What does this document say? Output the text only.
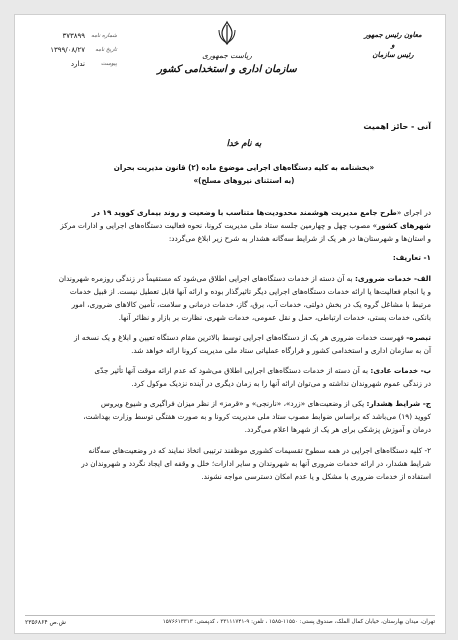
معاون رئیس جمهور
و
رئیس سازمان
ریاست جمهوری
سازمان اداری و استخدامی کشور
شماره نامه
۳۷۳۸۹۹
تاریخ نامه
۱۳۹۹/۰۸/۲۷
پیوست
ندارد
آنی - حائز اهمیت
به نام خدا
«بخشنامه به کلیه دستگاه‌های اجرایی موضوع ماده (۲) قانون مدیریت بحران
(به استثنای نیروهای مسلح)»
در اجرای «طرح جامع مدیریت هوشمند محدودیت‌ها متناسب با وضعیت و روند بیماری کووید ۱۹ در
شهرهای کشور» مصوب چهل و چهارمین جلسه ستاد ملی مدیریت کرونا، نحوه فعالیت دستگاه‌های اجرایی و ادارات مرکز
و استان‌ها و شهرستان‌ها در هر یک از شرایط سه‌گانه هشدار به شرح زیر ابلاغ می‌گردد:
۱- تعاریف:
الف- خدمات ضروری: به آن دسته از خدمات دستگاه‌های اجرایی اطلاق می‌شود که مستقیماً در زندگی روزمره شهروندان
و یا انجام فعالیت‌ها یا ارائه خدمات دستگاه‌های اجرایی دیگر تاثیرگذار بوده و ارائه آنها قابل تعطیل نیست. از قبیل خدمات
مرتبط با مشاغل گروه یک در بخش دولتی، خدمات آب، برق، گاز، خدمات درمانی و سلامت، تأمین کالاهای ضروری، امور
بانکی، خدمات پستی، خدمات ارتباطی، حمل و نقل عمومی، خدمات شهری، نظارت بر بازار و نظائر آنها.
تبصره- فهرست خدمات ضروری هر یک از دستگاه‌های اجرایی توسط بالاترین مقام دستگاه تعیین و ابلاغ و یک نسخه از
آن به سازمان اداری و استخدامی کشور و قرارگاه عملیاتی ستاد ملی مدیریت کرونا ارائه خواهد شد.
ب- خدمات عادی: به آن دسته از خدمات دستگاه‌های اجرایی اطلاق می‌شود که عدم ارائه موقت آنها تأثیر جدّی
در زندگی عموم شهروندان نداشته و می‌توان ارائه آنها را به زمان دیگری در آینده نزدیک موکول کرد.
ج- شرایط هشدار: یکی از وضعیت‌های «زرد»، «نارنجی» و «قرمز» از نظر میزان فراگیری و شیوع ویروس
کووید (۱۹) می‌باشد که براساس ضوابط مصوب ستاد ملی مدیریت کرونا و به صورت هفتگی توسط وزارت بهداشت،
درمان و آموزش پزشکی برای هر یک از شهرها اعلام می‌گردد.
۲- کلیه دستگاه‌های اجرایی در همه سطوح تقسیمات کشوری موظفند ترتیبی اتخاذ نمایند که در وضعیت‌های سه‌گانه
شرایط هشدار، در ارائه خدمات ضروری آنها به شهروندان و سایر ادارات؛ خلل و وقفه ای ایجاد نگردد و شهروندان در
استفاده از خدمات ضروری با مشکل و یا عدم امکان دسترسی مواجه نشوند.
تهران، میدان بهارستان، خیابان کمال الملک، صندوق پستی: ۱۱۵۵۰-۱۵۸۵ ، تلفن: ۹-۳۳۱۱۱۷۴۱ ، کدپستی: ۱۵۷۶۶۱۳۳۱۳
ش.ص ۲۳۵۶۸۶۴
